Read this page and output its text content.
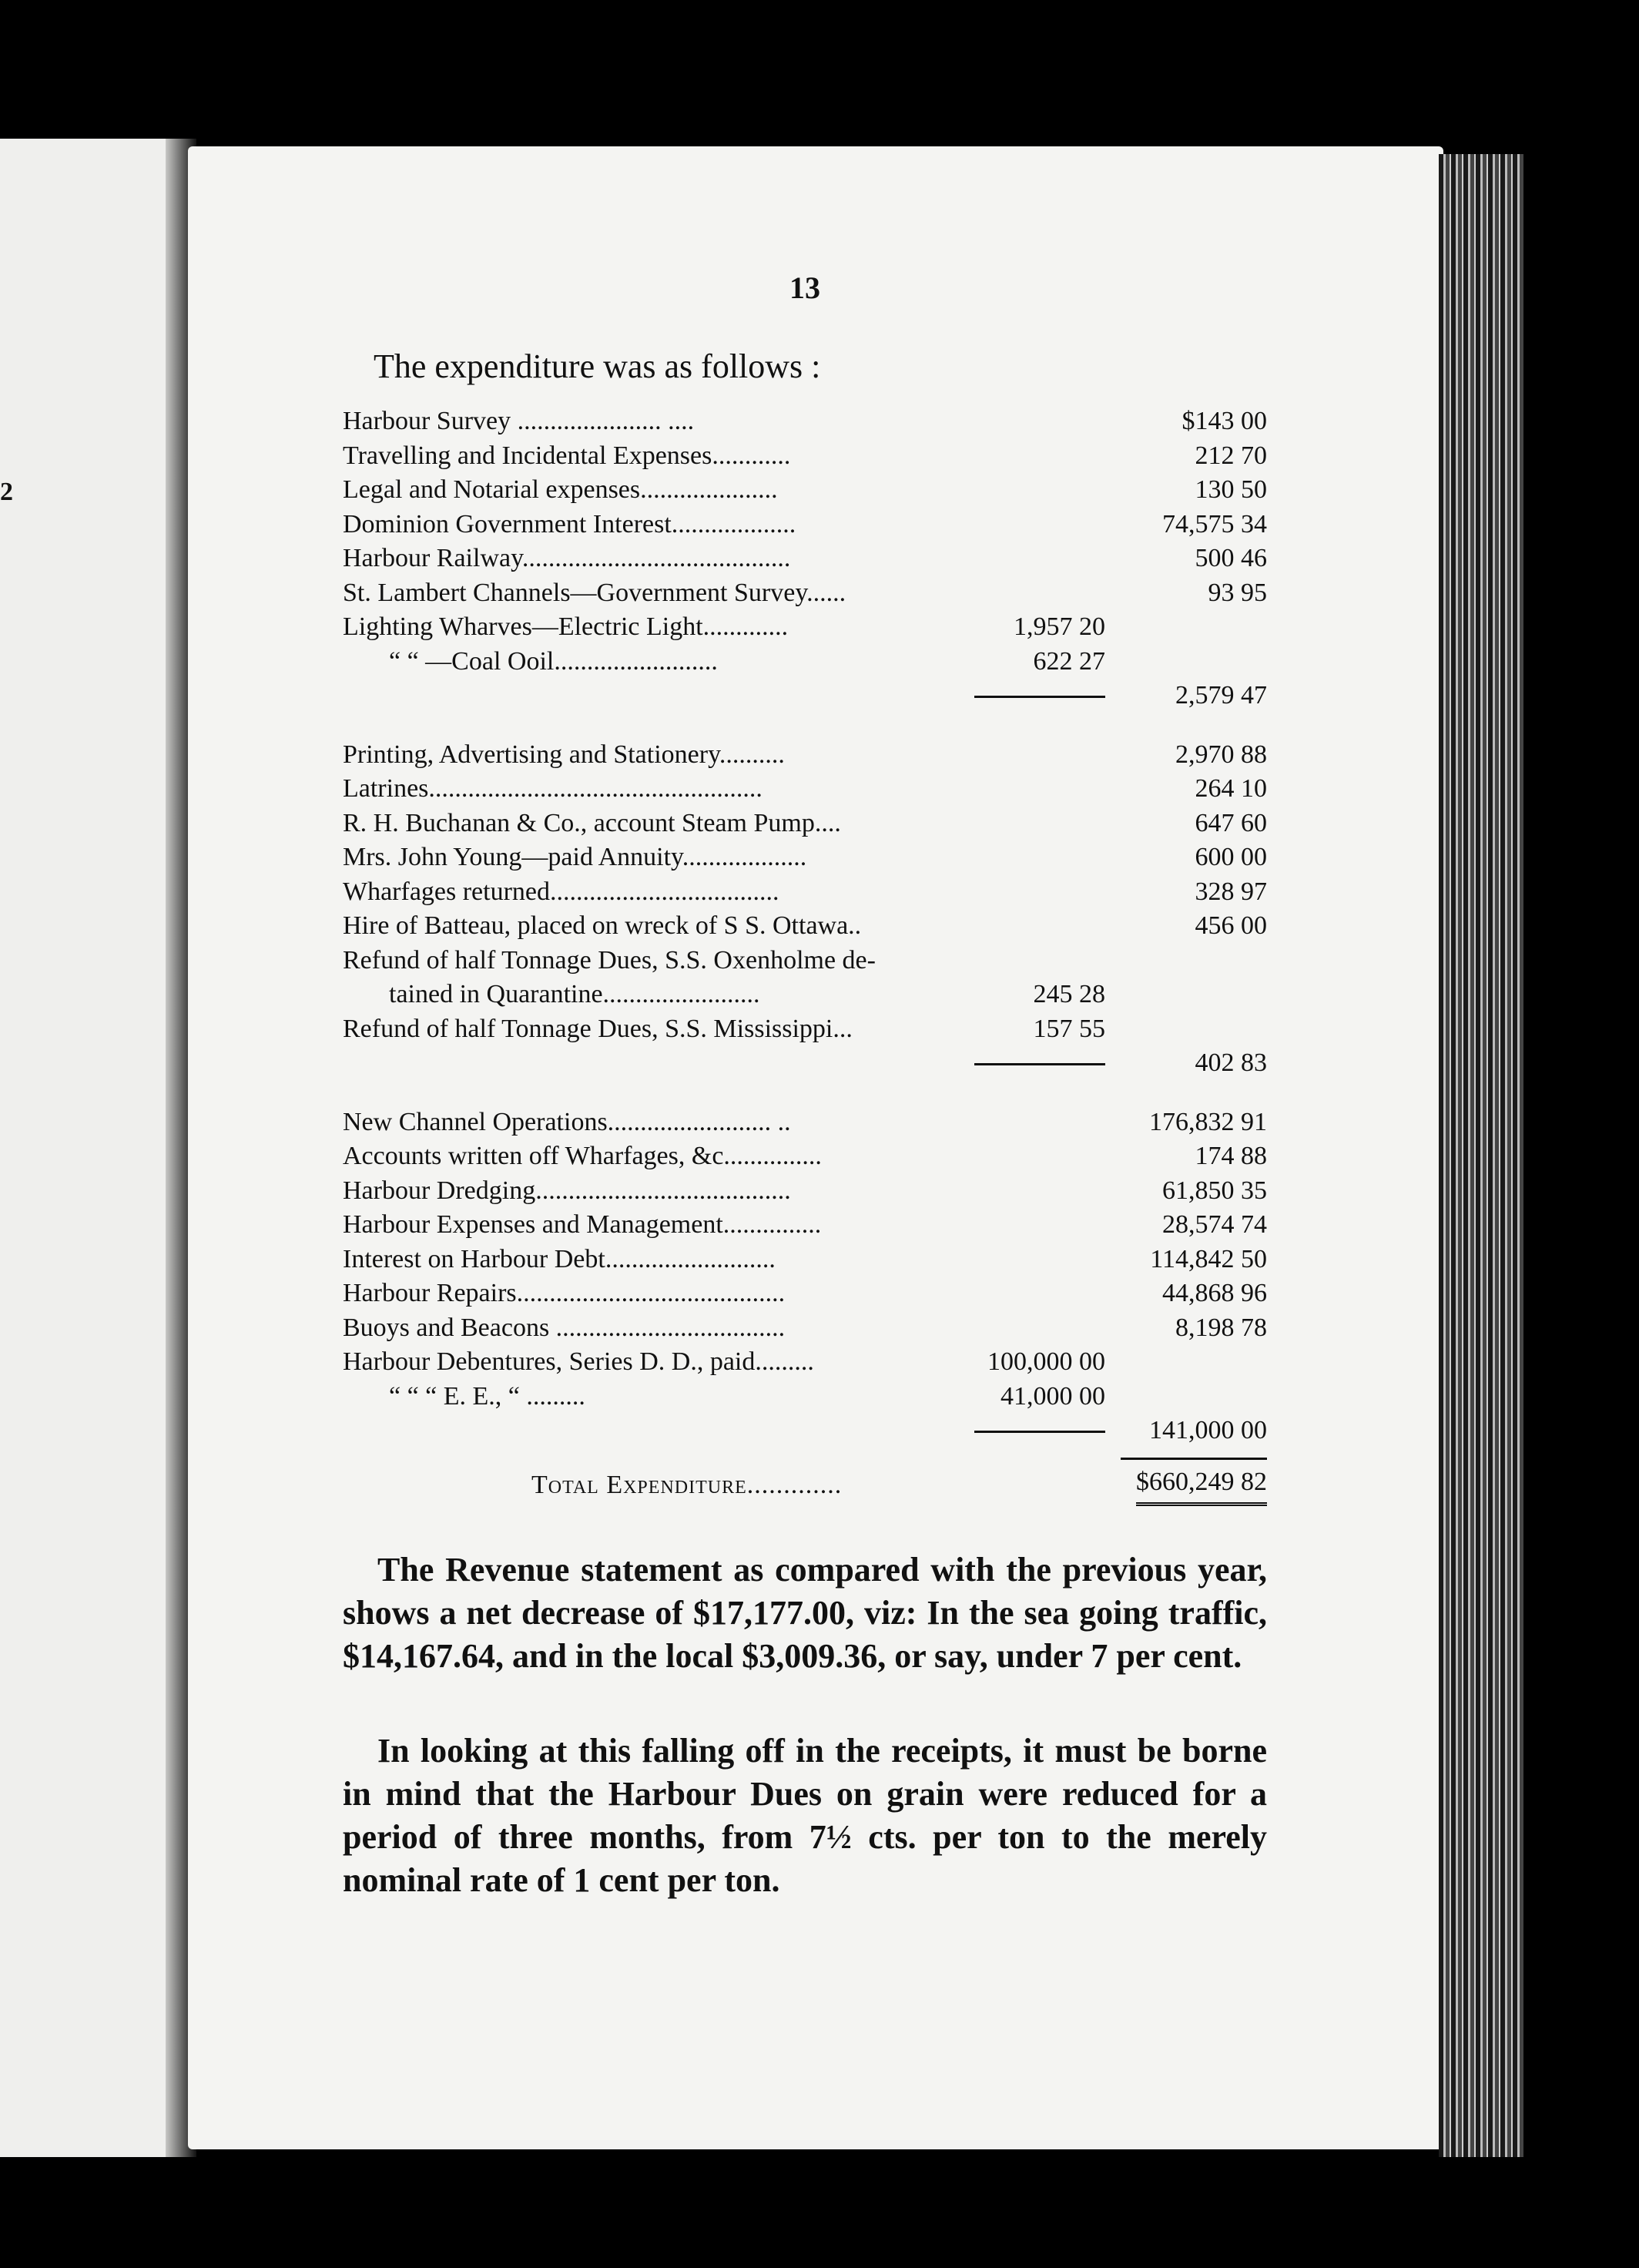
2
13
The expenditure was as follows :
Harbour Survey ...................... ....	$143 00
Travelling and Incidental Expenses............	212 70
Legal and Notarial expenses.....................	130 50
Dominion Government Interest...................	74,575 34
Harbour Railway.........................................	500 46
St. Lambert Channels—Government Survey......	93 95
Lighting Wharves—Electric Light.............	1,957 20
“ “ —Coal Ooil.........................	622 27
2,579 47
Printing, Advertising and Stationery..........	2,970 88
Latrines...................................................	264 10
R. H. Buchanan & Co., account Steam Pump....	647 60
Mrs. John Young—paid Annuity...................	600 00
Wharfages returned...................................	328 97
Hire of Batteau, placed on wreck of S S. Ottawa..	456 00
Refund of half Tonnage Dues, S.S. Oxenholme de-
tained in Quarantine........................	245 28
Refund of half Tonnage Dues, S.S. Mississippi...	157 55
402 83
New Channel Operations......................... ..	176,832 91
Accounts written off Wharfages, &c...............	174 88
Harbour Dredging.......................................	61,850 35
Harbour Expenses and Management...............	28,574 74
Interest on Harbour Debt..........................	114,842 50
Harbour Repairs.........................................	44,868 96
Buoys and Beacons ...................................	8,198 78
Harbour Debentures, Series D. D., paid.........	100,000 00
“ “ “ E. E., “ .........	41,000 00
141,000 00
Total Expenditure.............	$660,249 82
The Revenue statement as compared with the previous year, shows a net decrease of $17,177.00, viz: In the sea going traffic, $14,167.64, and in the local $3,009.36, or say, under 7 per cent.
In looking at this falling off in the receipts, it must be borne in mind that the Harbour Dues on grain were reduced for a period of three months, from 7½ cts. per ton to the merely nominal rate of 1 cent per ton.
